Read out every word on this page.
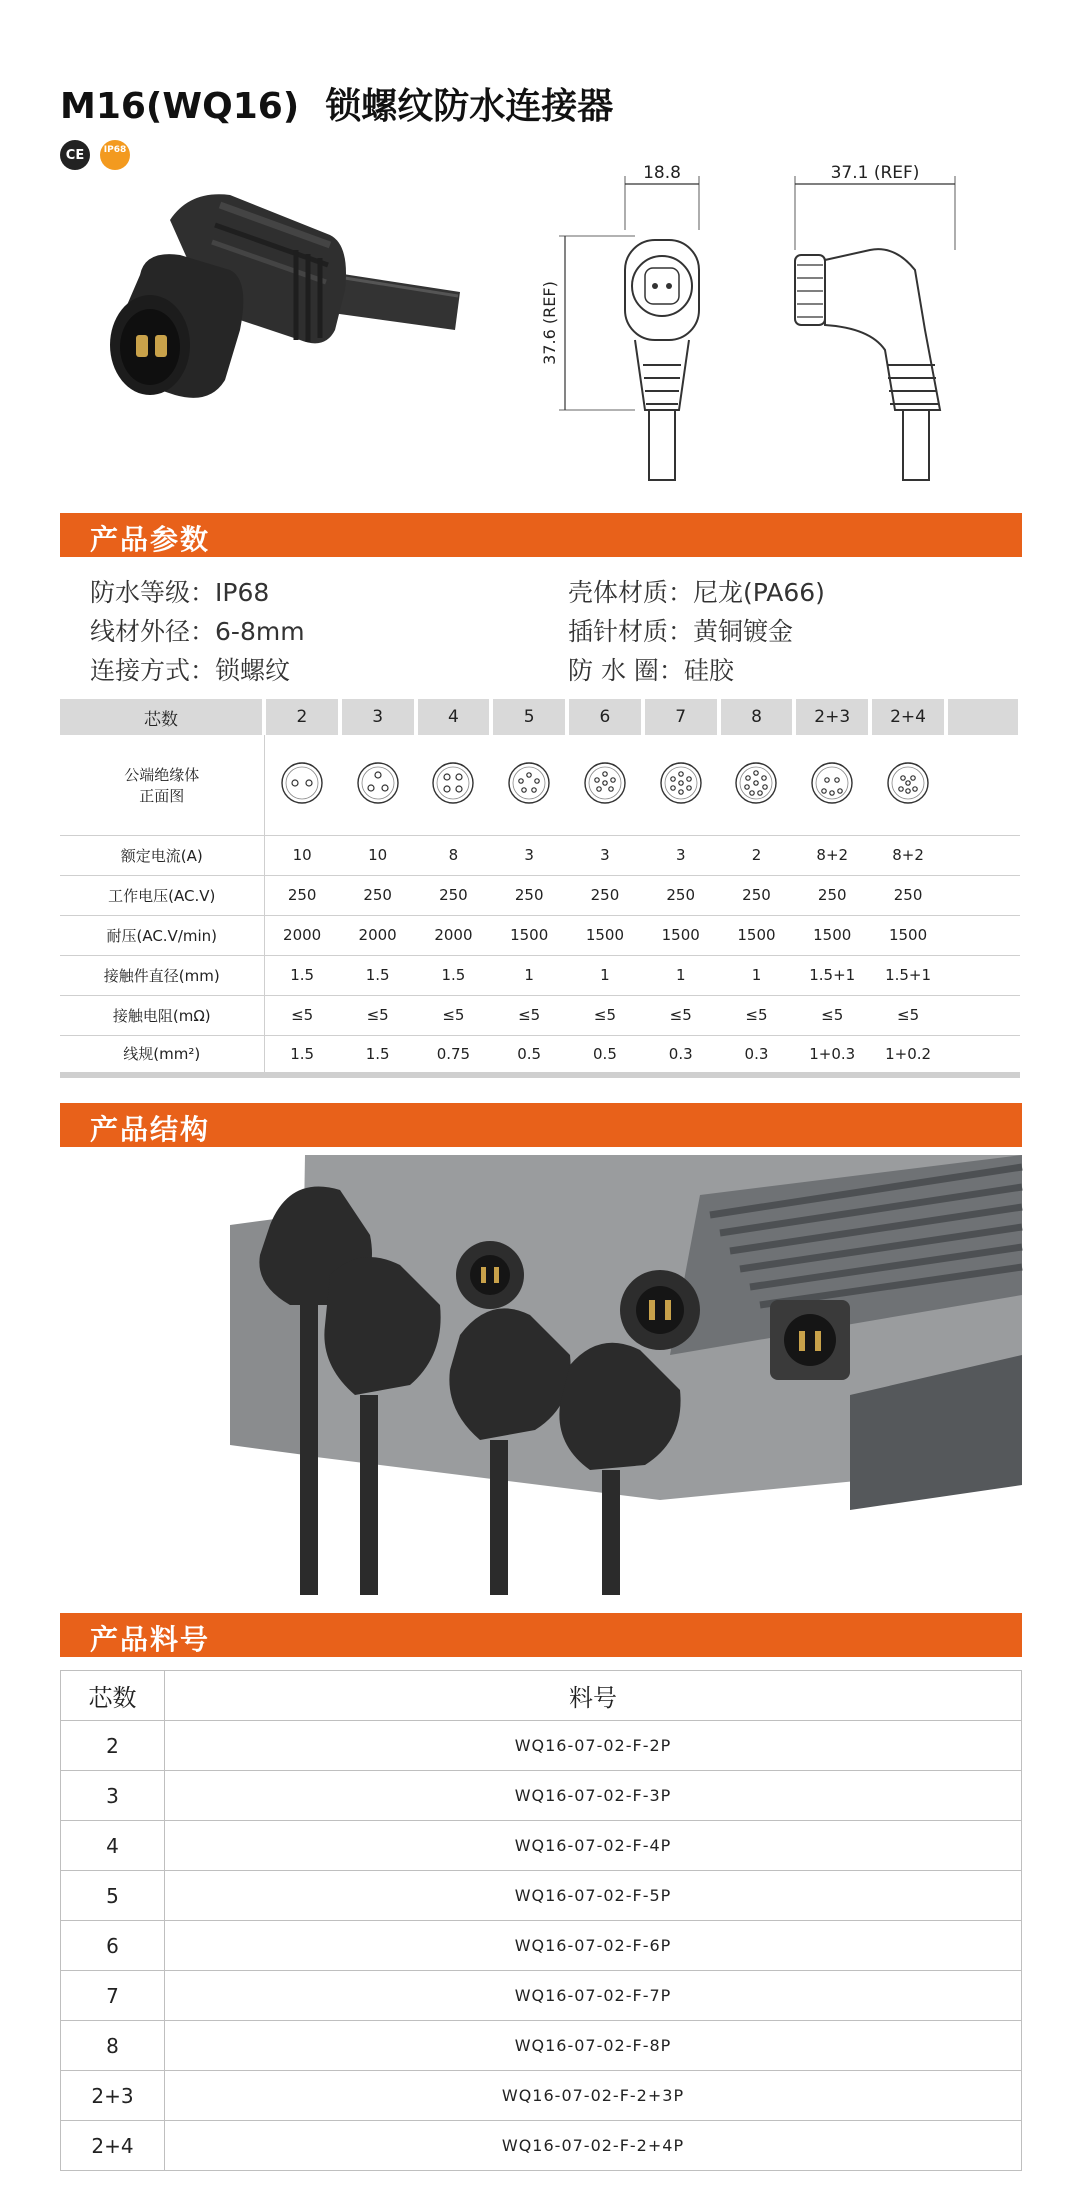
M16(WQ16) 锁螺纹防水连接器
CE	IP68
18.8
37.6 (REF)
37.1 (REF)
产品参数
防水等级：IP68	壳体材质：尼龙(PA66)
线材外径：6-8mm	插针材质：黄铜镀金
连接方式：锁螺纹	防 水 圈：硅胶
芯数	2	3	4	5	6	7	8	2+3	2+4	
公端绝缘体
正面图										
额定电流(A)	10	10	8	3	3	3	2	8+2	8+2	
工作电压(AC.V)	250	250	250	250	250	250	250	250	250	
耐压(AC.V/min)	2000	2000	2000	1500	1500	1500	1500	1500	1500	
接触件直径(mm)	1.5	1.5	1.5	1	1	1	1	1.5+1	1.5+1	
接触电阻(mΩ)	≤5	≤5	≤5	≤5	≤5	≤5	≤5	≤5	≤5	
线规(mm²)	1.5	1.5	0.75	0.5	0.5	0.3	0.3	1+0.3	1+0.2	
产品结构
产品料号
芯数	料号
2	WQ16-07-02-F-2P
3	WQ16-07-02-F-3P
4	WQ16-07-02-F-4P
5	WQ16-07-02-F-5P
6	WQ16-07-02-F-6P
7	WQ16-07-02-F-7P
8	WQ16-07-02-F-8P
2+3	WQ16-07-02-F-2+3P
2+4	WQ16-07-02-F-2+4P
